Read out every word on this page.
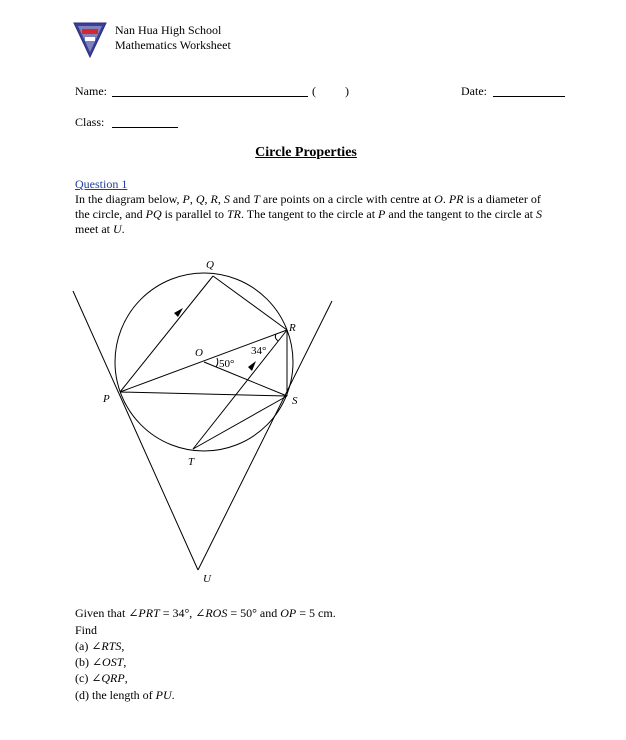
Nan Hua High School
Mathematics Worksheet
Name:	( )	Date:
Class:
Circle Properties
Question 1
In the diagram below, P, Q, R, S and T are points on a circle with centre at O. PR is a diameter of the circle, and PQ is parallel to TR. The tangent to the circle at P and the tangent to the circle at S meet at U.
Q
R
O
P	S
T
U
50°
34°
Given that ∠PRT = 34°, ∠ROS = 50° and OP = 5 cm.
Find
(a) ∠RTS,
(b) ∠OST,
(c) ∠QRP,
(d) the length of PU.
